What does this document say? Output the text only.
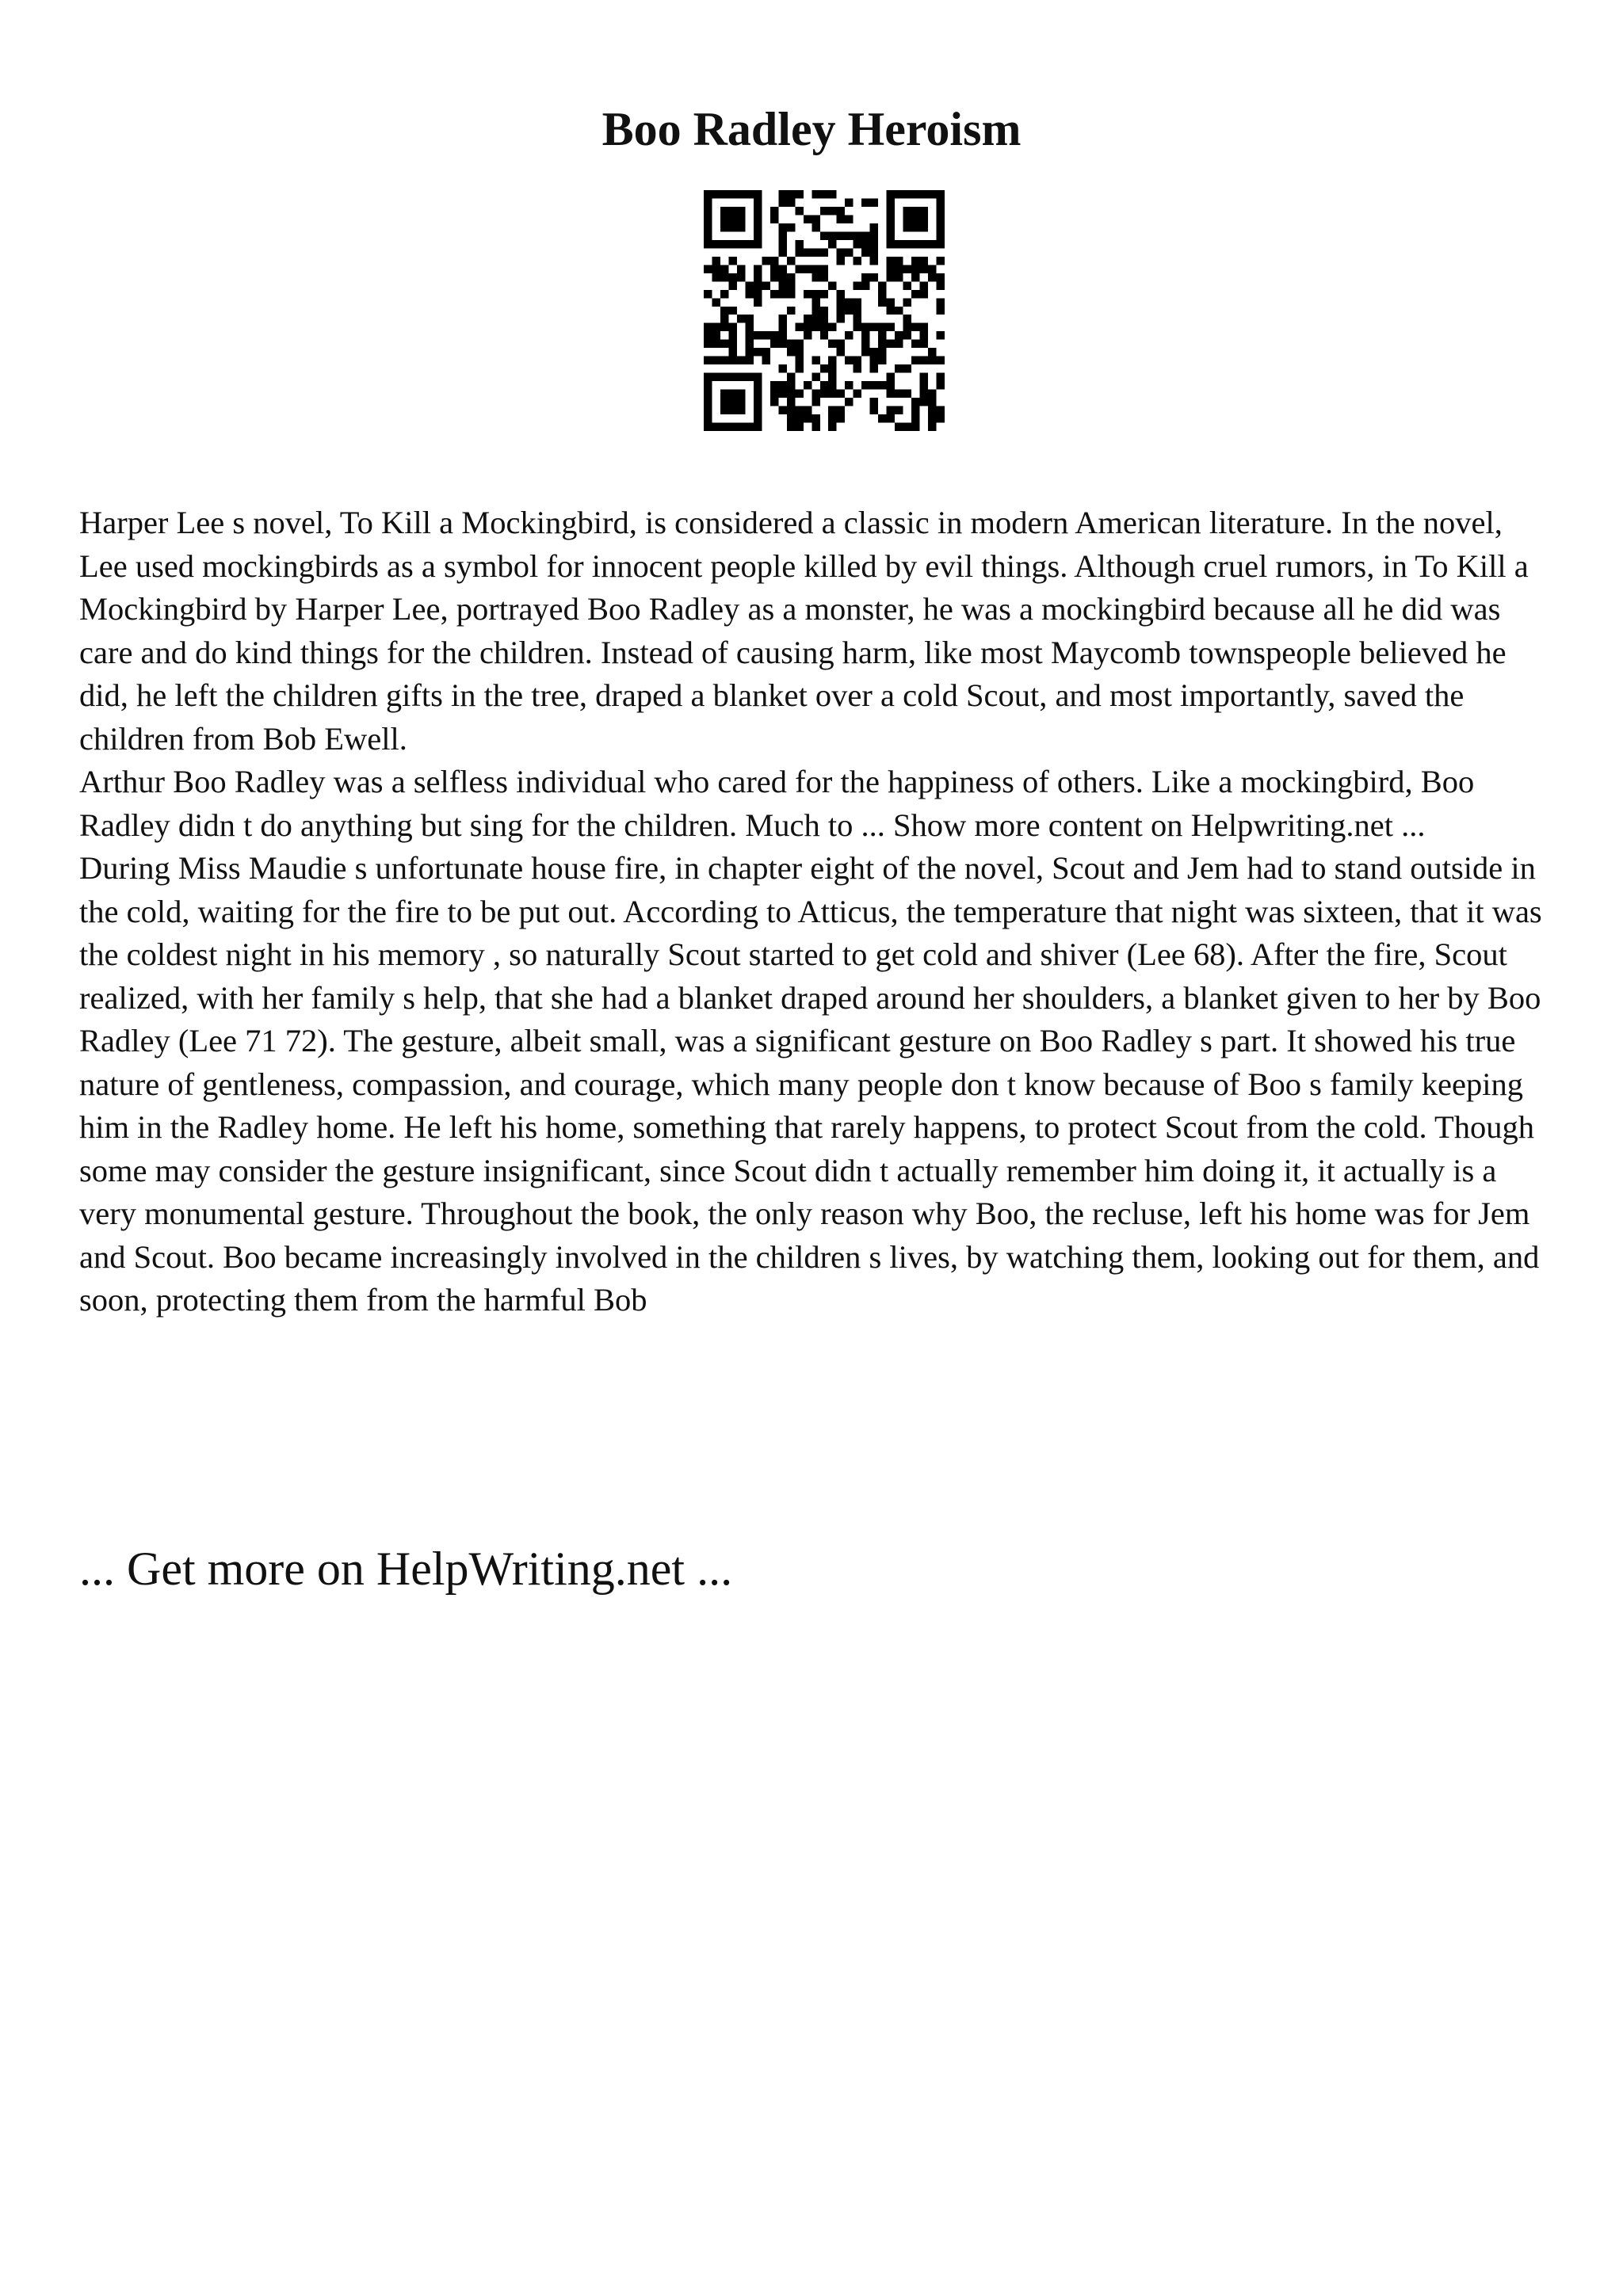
Boo Radley Heroism

Harper Lee s novel, To Kill a Mockingbird, is considered a classic in modern American literature. In the novel, Lee used mockingbirds as a symbol for innocent people killed by evil things. Although cruel rumors, in To Kill a Mockingbird by Harper Lee, portrayed Boo Radley as a monster, he was a mockingbird because all he did was care and do kind things for the children. Instead of causing harm, like most Maycomb townspeople believed he did, he left the children gifts in the tree, draped a blanket over a cold Scout, and most importantly, saved the children from Bob Ewell.

Arthur Boo Radley was a selfless individual who cared for the happiness of others. Like a mockingbird, Boo Radley didn t do anything but sing for the children. Much to ... Show more content on Helpwriting.net ...

During Miss Maudie s unfortunate house fire, in chapter eight of the novel, Scout and Jem had to stand outside in the cold, waiting for the fire to be put out. According to Atticus, the temperature that night was sixteen, that it was the coldest night in his memory , so naturally Scout started to get cold and shiver (Lee 68). After the fire, Scout realized, with her family s help, that she had a blanket draped around her shoulders, a blanket given to her by Boo Radley (Lee 71 72). The gesture, albeit small, was a significant gesture on Boo Radley s part. It showed his true nature of gentleness, compassion, and courage, which many people don t know because of Boo s family keeping him in the Radley home. He left his home, something that rarely happens, to protect Scout from the cold. Though some may consider the gesture insignificant, since Scout didn t actually remember him doing it, it actually is a very monumental gesture. Throughout the book, the only reason why Boo, the recluse, left his home was for Jem and Scout. Boo became increasingly involved in the children s lives, by watching them, looking out for them, and soon, protecting them from the harmful Bob

... Get more on HelpWriting.net ...
